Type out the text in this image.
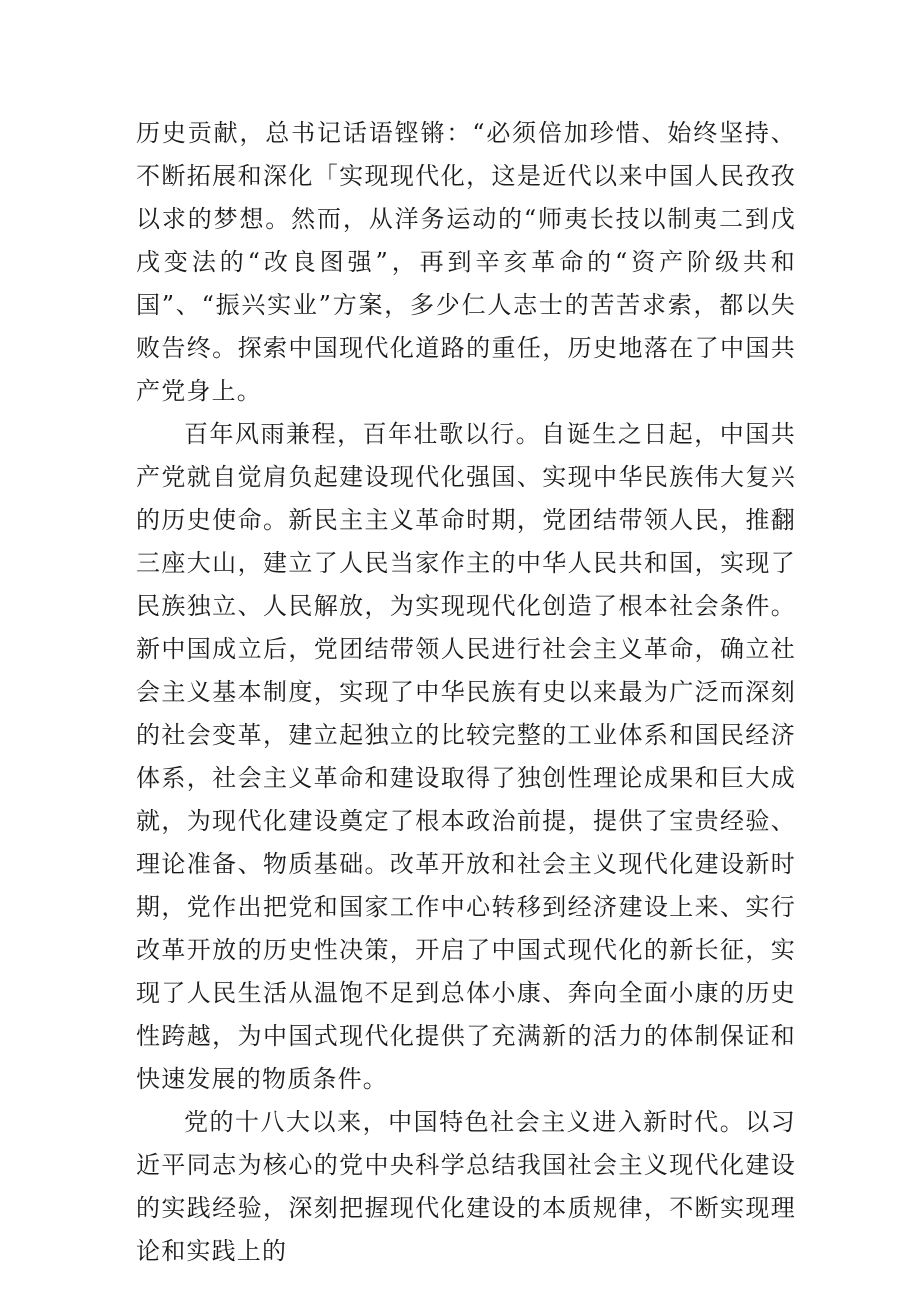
历史贡献，总书记话语铿锵：“必须倍加珍惜、始终坚持、不断拓展和深化「实现现代化，这是近代以来中国人民孜孜以求的梦想。然而，从洋务运动的“师夷长技以制夷二到戊戌变法的“改良图强”，再到辛亥革命的“资产阶级共和国”、“振兴实业”方案，多少仁人志士的苦苦求索，都以失败告终。探索中国现代化道路的重任，历史地落在了中国共产党身上。

百年风雨兼程，百年壮歌以行。自诞生之日起，中国共产党就自觉肩负起建设现代化强国、实现中华民族伟大复兴的历史使命。新民主主义革命时期，党团结带领人民，推翻三座大山，建立了人民当家作主的中华人民共和国，实现了民族独立、人民解放，为实现现代化创造了根本社会条件。新中国成立后，党团结带领人民进行社会主义革命，确立社会主义基本制度，实现了中华民族有史以来最为广泛而深刻的社会变革，建立起独立的比较完整的工业体系和国民经济体系，社会主义革命和建设取得了独创性理论成果和巨大成就，为现代化建设奠定了根本政治前提，提供了宝贵经验、理论准备、物质基础。改革开放和社会主义现代化建设新时期，党作出把党和国家工作中心转移到经济建设上来、实行改革开放的历史性决策，开启了中国式现代化的新长征，实现了人民生活从温饱不足到总体小康、奔向全面小康的历史性跨越，为中国式现代化提供了充满新的活力的体制保证和快速发展的物质条件。

党的十八大以来，中国特色社会主义进入新时代。以习近平同志为核心的党中央科学总结我国社会主义现代化建设的实践经验，深刻把握现代化建设的本质规律，不断实现理论和实践上的
